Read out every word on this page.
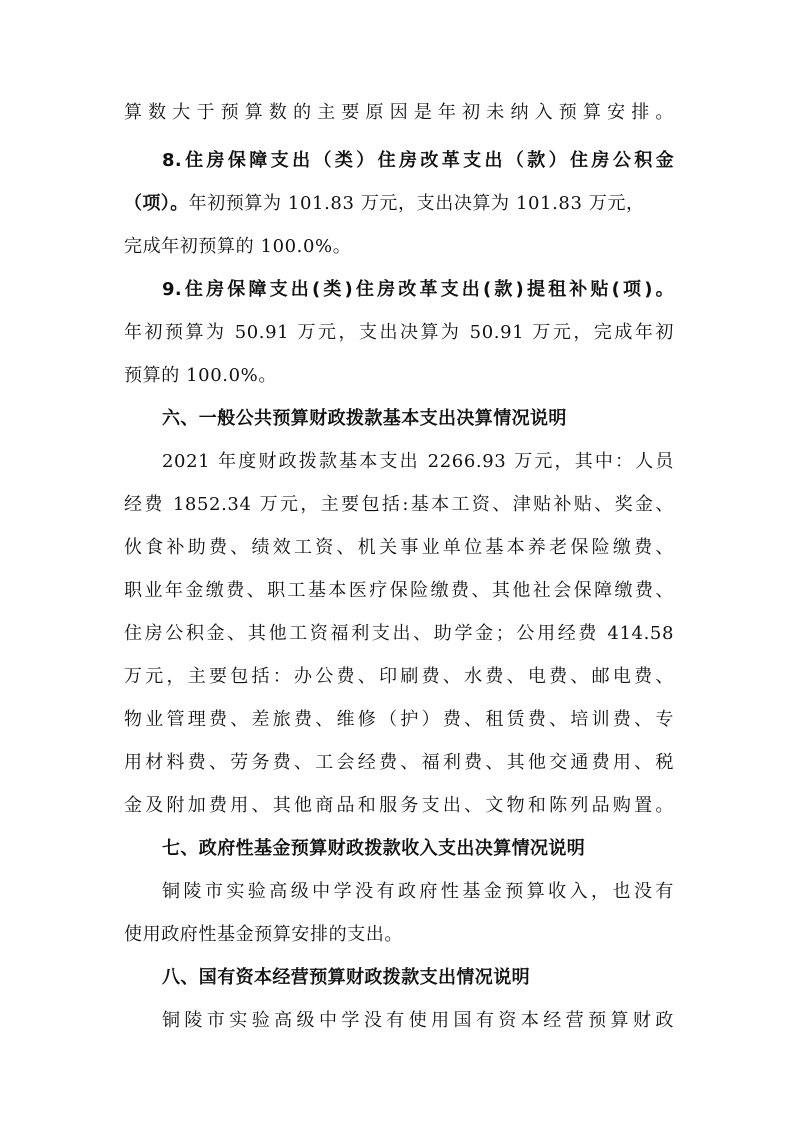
算数大于预算数的主要原因是年初未纳入预算安排。
8.住房保障支出（类）住房改革支出（款）住房公积金
（项）。年初预算为 101.83 万元，支出决算为 101.83 万元，
完成年初预算的 100.0%。
9.住房保障支出(类)住房改革支出(款)提租补贴(项)。
年初预算为 50.91 万元，支出决算为 50.91 万元，完成年初
预算的 100.0%。
六、一般公共预算财政拨款基本支出决算情况说明
2021 年度财政拨款基本支出 2266.93 万元，其中：人员
经费 1852.34 万元，主要包括:基本工资、津贴补贴、奖金、
伙食补助费、绩效工资、机关事业单位基本养老保险缴费、
职业年金缴费、职工基本医疗保险缴费、其他社会保障缴费、
住房公积金、其他工资福利支出、助学金；公用经费 414.58
万元，主要包括：办公费、印刷费、水费、电费、邮电费、
物业管理费、差旅费、维修（护）费、租赁费、培训费、专
用材料费、劳务费、工会经费、福利费、其他交通费用、税
金及附加费用、其他商品和服务支出、文物和陈列品购置。
七、政府性基金预算财政拨款收入支出决算情况说明
铜陵市实验高级中学没有政府性基金预算收入，也没有
使用政府性基金预算安排的支出。
八、国有资本经营预算财政拨款支出情况说明
铜陵市实验高级中学没有使用国有资本经营预算财政
